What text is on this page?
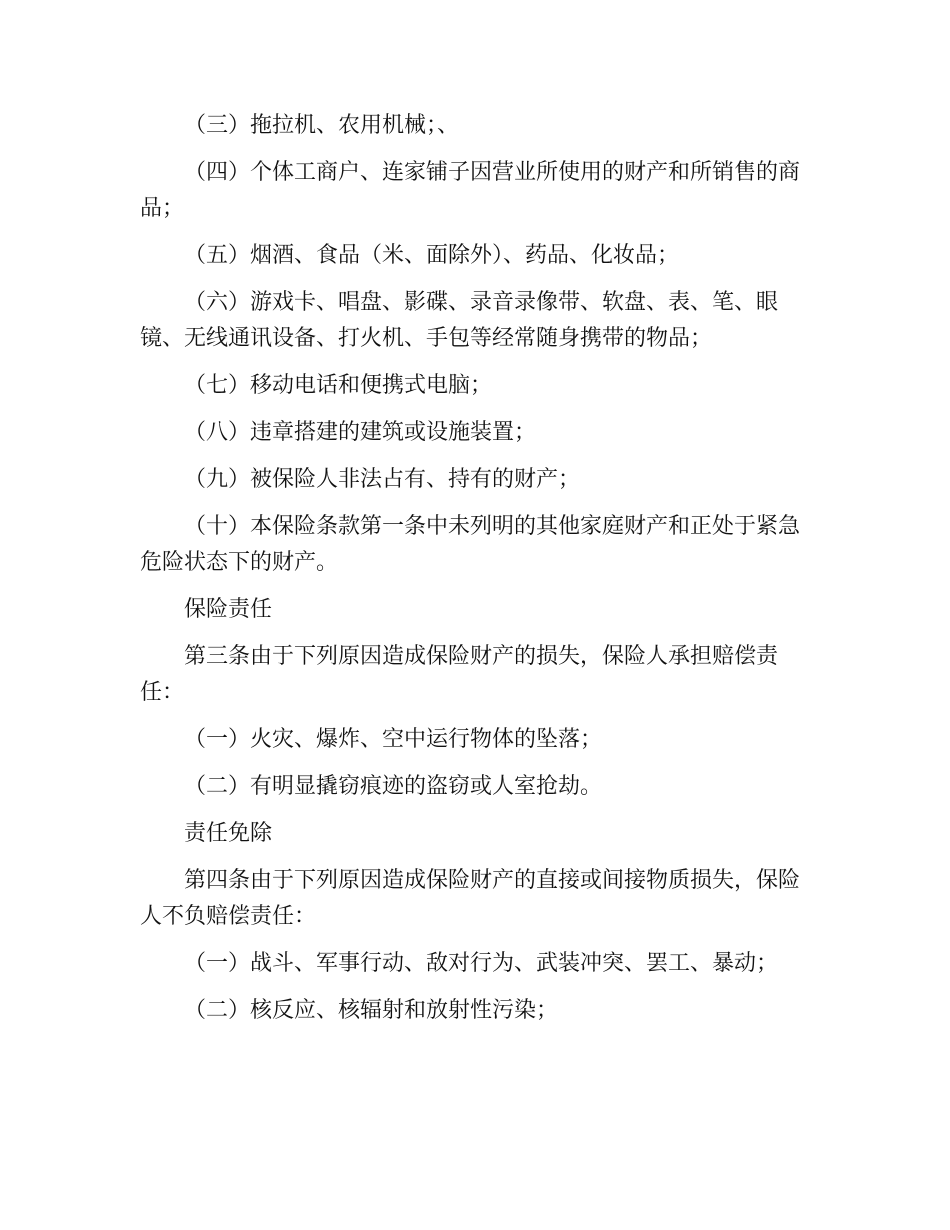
（三）拖拉机、农用机械；、

（四）个体工商户、连家铺子因营业所使用的财产和所销售的商品；

（五）烟酒、食品（米、面除外）、药品、化妆品；

（六）游戏卡、唱盘、影碟、录音录像带、软盘、表、笔、眼镜、无线通讯设备、打火机、手包等经常随身携带的物品；

（七）移动电话和便携式电脑；

（八）违章搭建的建筑或设施装置；

（九）被保险人非法占有、持有的财产；

（十）本保险条款第一条中未列明的其他家庭财产和正处于紧急危险状态下的财产。

保险责任

第三条由于下列原因造成保险财产的损失，保险人承担赔偿责任：

（一）火灾、爆炸、空中运行物体的坠落；

（二）有明显撬窃痕迹的盗窃或人室抢劫。

责任免除

第四条由于下列原因造成保险财产的直接或间接物质损失，保险人不负赔偿责任：

（一）战斗、军事行动、敌对行为、武装冲突、罢工、暴动；

（二）核反应、核辐射和放射性污染；
